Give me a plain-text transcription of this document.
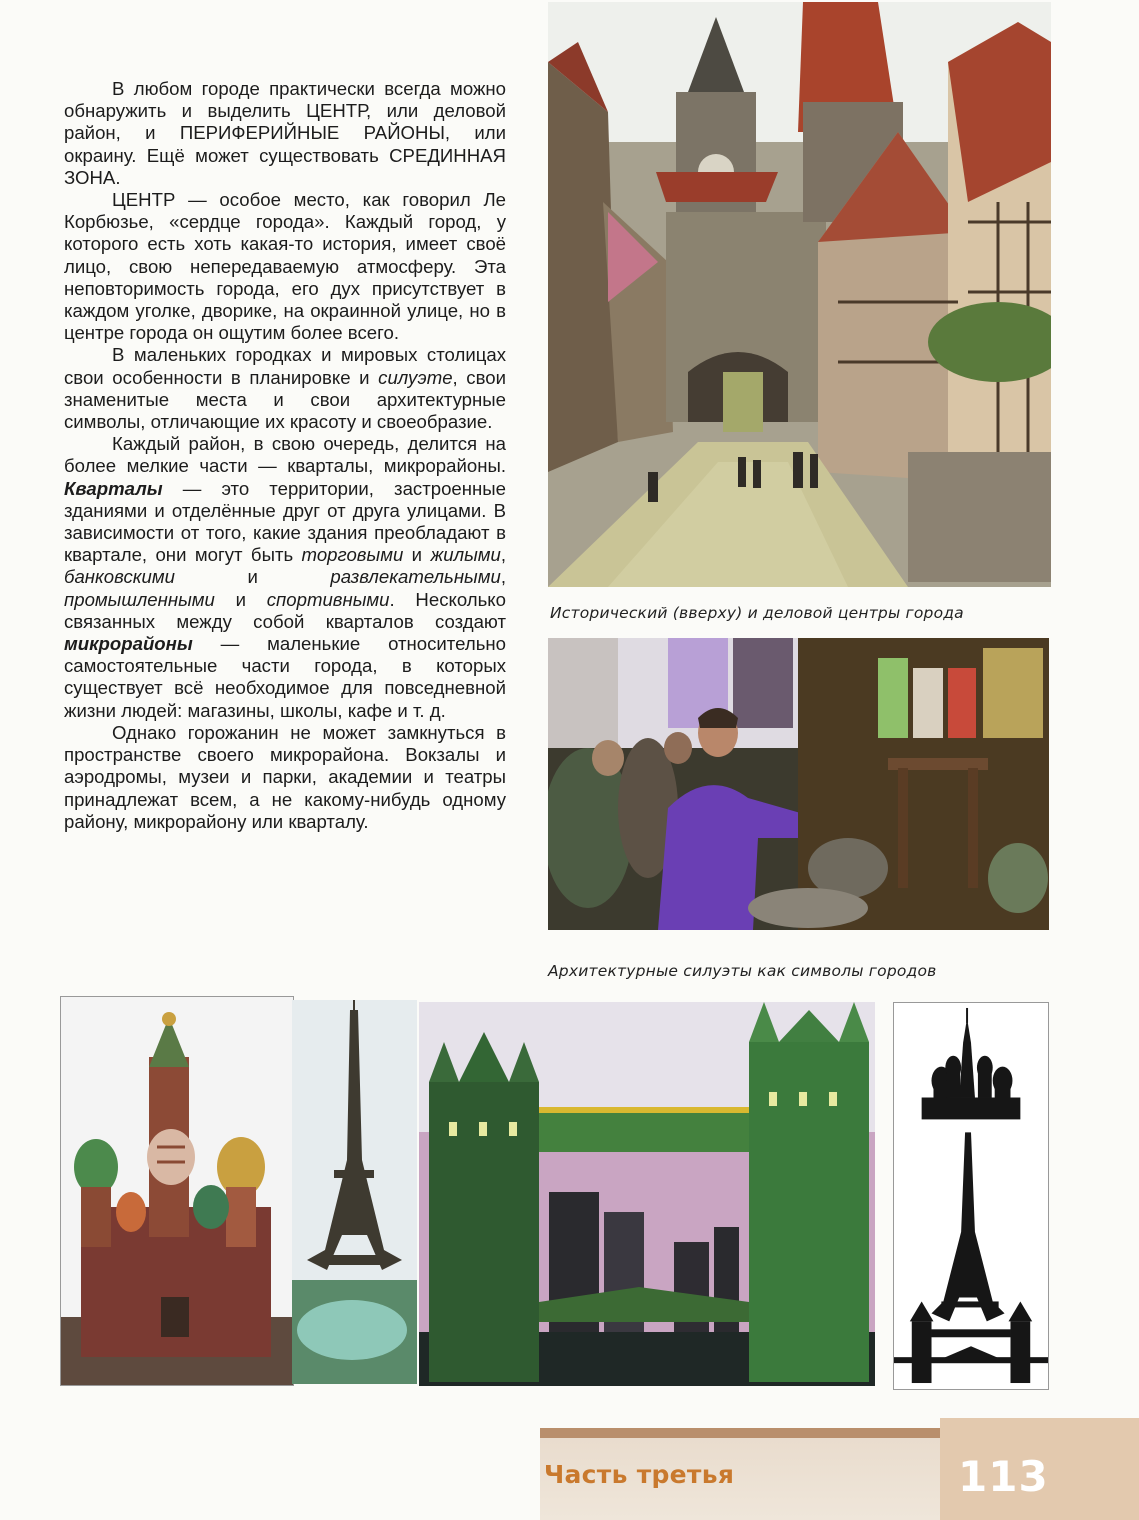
В любом городе практически всегда можно обнаружить и выделить ЦЕНТР, или деловой район, и ПЕРИФЕРИЙНЫЕ РАЙОНЫ, или окраину. Ещё может существовать СРЕДИННАЯ ЗОНА.

ЦЕНТР — особое место, как говорил Ле Корбюзье, «сердце города». Каждый город, у которого есть хоть какая-то история, имеет своё лицо, свою непередаваемую атмосферу. Эта неповторимость города, его дух присутствует в каждом уголке, дворике, на окраинной улице, но в центре города он ощутим более всего.

В маленьких городках и мировых столицах свои особенности в планировке и силуэте, свои знаменитые места и свои архитектурные символы, отличающие их красоту и своеобразие.

Каждый район, в свою очередь, делится на более мелкие части — кварталы, микрорайоны. Кварталы — это территории, застроенные зданиями и отделённые друг от друга улицами. В зависимости от того, какие здания преобладают в квартале, они могут быть торговыми и жилыми, банковскими и развлекательными, промышленными и спортивными. Несколько связанных между собой кварталов создают микрорайоны — маленькие относительно самостоятельные части города, в которых существует всё необходимое для повседневной жизни людей: магазины, школы, кафе и т. д.

Однако горожанин не может замкнуться в пространстве своего микрорайона. Вокзалы и аэродромы, музеи и парки, академии и театры принадлежат всем, а не какому-нибудь одному району, микрорайону или кварталу.

Исторический (вверху) и деловой центры города
Архитектурные силуэты как символы городов
Часть третья	113
